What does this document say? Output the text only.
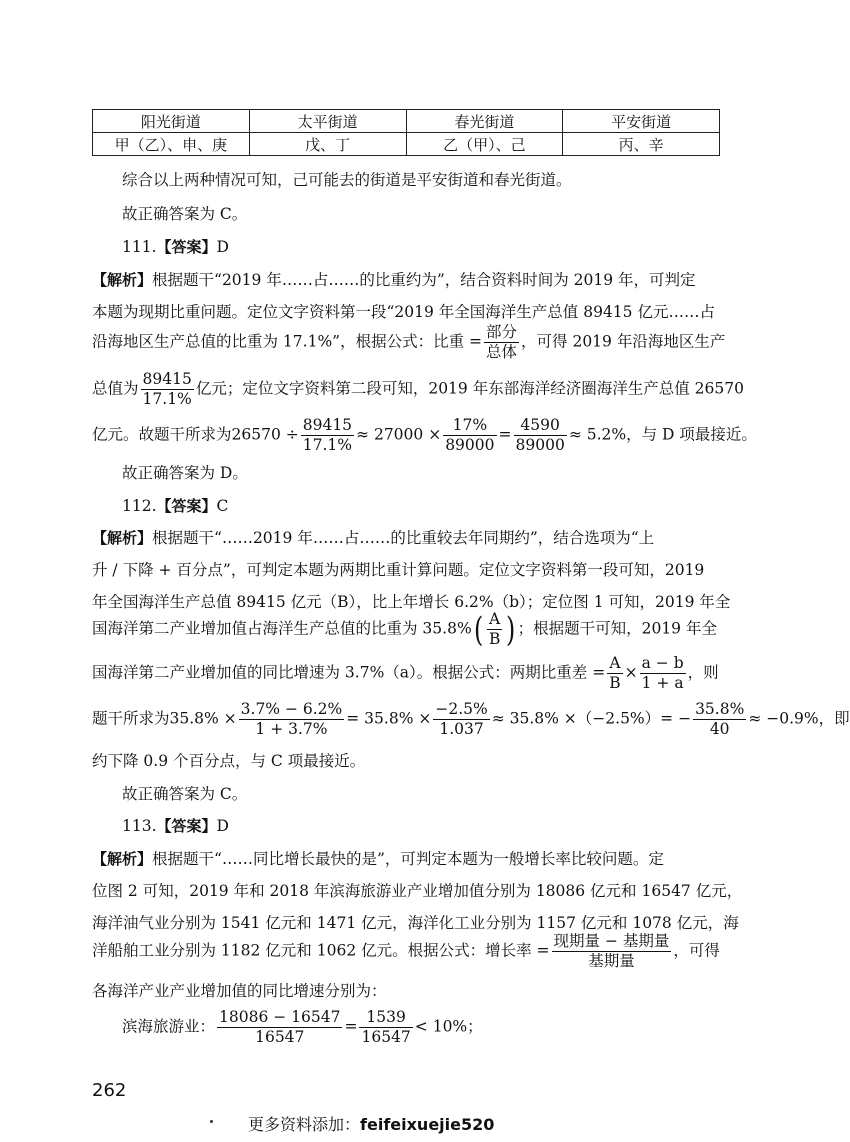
阳光街道	太平街道	春光街道	平安街道
甲（乙）、申、庚	戊、丁	乙（甲）、己	丙、辛
综合以上两种情况可知，己可能去的街道是平安街道和春光街道。
故正确答案为 C。
111.【答案】D
【解析】根据题干“2019 年……占……的比重约为”，结合资料时间为 2019 年，可判定
本题为现期比重问题。定位文字资料第一段“2019 年全国海洋生产总值 89415 亿元……占
沿海地区生产总值的比重为 17.1%”，根据公式：比重 = $\frac{\text{部分}}{\text{总体}}$ ，可得 2019 年沿海地区生产
总值为 $\frac{89415}{17.1\%}$ 亿元；定位文字资料第二段可知，2019 年东部海洋经济圈海洋生产总值 26570
亿元。故题干所求为$26570 \div \frac{89415}{17.1\%} \approx 27000 \times \frac{17\%}{89000} = \frac{4590}{89000} \approx 5.2\%$，与 D 项最接近。
故正确答案为 D。
112.【答案】C
【解析】根据题干“……2019 年……占……的比重较去年同期约”，结合选项为“上
升 / 下降 + 百分点”，可判定本题为两期比重计算问题。定位文字资料第一段可知，2019
年全国海洋生产总值 89415 亿元（B），比上年增长 6.2%（b）；定位图 1 可知，2019 年全
国海洋第二产业增加值占海洋生产总值的比重为 $35.8\%( \frac{A}{B}$ ) ；根据题干可知，2019 年全
国海洋第二产业增加值的同比增速为 3.7%（a）。根据公式：两期比重差 = $\frac{A}{B} \times \frac{a - b}{1 + a}$ ，则
题干所求为$35.8\% \times \frac{3.7\% - 6.2\%}{1 + 3.7\%} = 35.8\% \times \frac{-2.5\%}{1.037} \approx 35.8\% \times(-2.5\%)= - \frac{35.8\%}{40} \approx -0.9\%$，即
约下降 0.9 个百分点，与 C 项最接近。
故正确答案为 C。
113.【答案】D
【解析】根据题干“……同比增长最快的是”，可判定本题为一般增长率比较问题。定
位图 2 可知，2019 年和 2018 年滨海旅游业产业增加值分别为 18086 亿元和 16547 亿元，
海洋油气业分别为 1541 亿元和 1471 亿元，海洋化工业分别为 1157 亿元和 1078 亿元，海
洋船舶工业分别为 1182 亿元和 1062 亿元。根据公式：增长率 = $\frac{\text{现期量 − 基期量}}{\text{基期量}}$ ，可得
各海洋产业产业增加值的同比增速分别为：
滨海旅游业： $\frac{18086 - 16547}{16547} = \frac{1539}{16547} < 10\%$；
262
更多资料添加：feifeixuejie520
